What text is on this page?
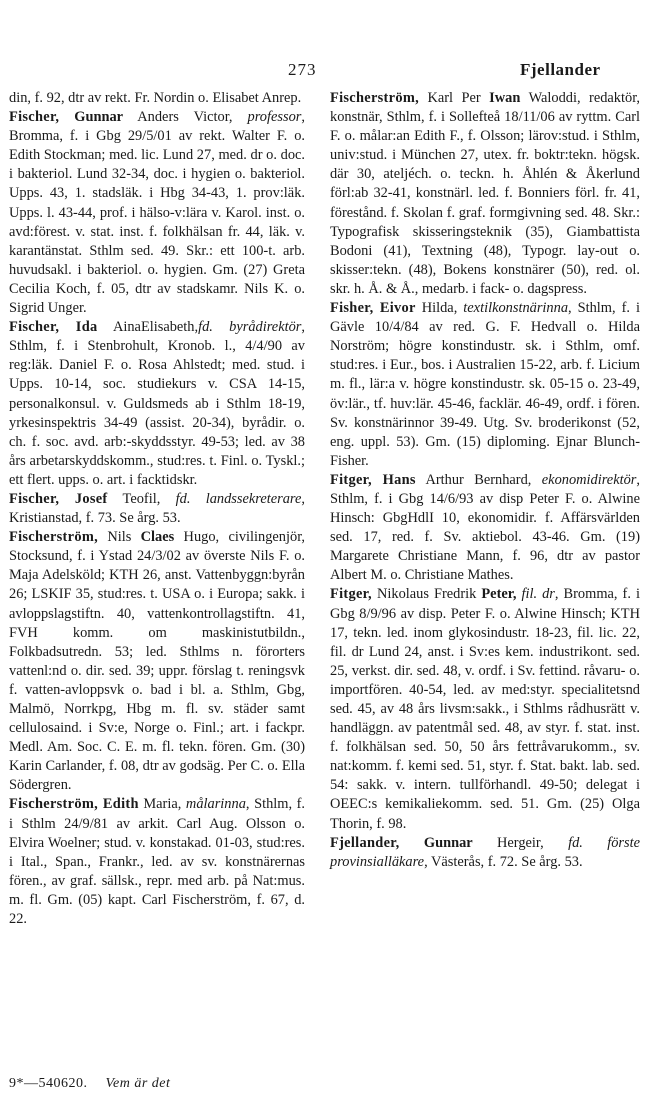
273	Fjellander

din, f. 92, dtr av rekt. Fr. Nordin o. Elisabet Anrep.

Fischer, Gunnar Anders Victor, professor, Bromma, f. i Gbg 29/5/01 av rekt. Walter F. o. Edith Stockman; med. lic. Lund 27, med. dr o. doc. i bakteriol. Lund 32-34, doc. i hygien o. bakteriol. Upps. 43, 1. stadsläk. i Hbg 34-43, 1. prov:läk. Upps. l. 43-44, prof. i hälso-v:lära v. Karol. inst. o. avd:förest. v. stat. inst. f. folkhälsan fr. 44, läk. v. karantänstat. Sthlm sed. 49. Skr.: ett 100-t. arb. huvudsakl. i bakteriol. o. hygien. Gm. (27) Greta Cecilia Koch, f. 05, dtr av stadskamr. Nils K. o. Sigrid Unger.

Fischer, Ida AinaElisabeth,fd. byrådirektör, Sthlm, f. i Stenbrohult, Kronob. l., 4/4/90 av reg:läk. Daniel F. o. Rosa Ahlstedt; med. stud. i Upps. 10-14, soc. studiekurs v. CSA 14-15, personalkonsul. v. Guldsmeds ab i Sthlm 18-19, yrkesinspektris 34-49 (assist. 20-34), byrådir. o. ch. f. soc. avd. arb:-skyddsstyr. 49-53; led. av 38 års arbetarskyddskomm., stud:res. t. Finl. o. Tyskl.; ett flert. upps. o. art. i facktidskr.

Fischer, Josef Teofil, fd. landssekreterare, Kristianstad, f. 73. Se årg. 53.

Fischerström, Nils Claes Hugo, civilingenjör, Stocksund, f. i Ystad 24/3/02 av överste Nils F. o. Maja Adelsköld; KTH 26, anst. Vattenbyggn:byrån 26; LSKIF 35, stud:res. t. USA o. i Europa; sakk. i avloppslagstiftn. 40, vattenkontrollagstiftn. 41, FVH komm. om maskinistutbildn., Folkbadsutredn. 53; led. Sthlms n. förorters vattenl:nd o. dir. sed. 39; uppr. förslag t. reningsvk f. vatten-avloppsvk o. bad i bl. a. Sthlm, Gbg, Malmö, Norrkpg, Hbg m. fl. sv. städer samt cellulosaind. i Sv:e, Norge o. Finl.; art. i fackpr. Medl. Am. Soc. C. E. m. fl. tekn. fören. Gm. (30) Karin Carlander, f. 08, dtr av godsäg. Per C. o. Ella Södergren.

Fischerström, Edith Maria, målarinna, Sthlm, f. i Sthlm 24/9/81 av arkit. Carl Aug. Olsson o. Elvira Woelner; stud. v. konstakad. 01-03, stud:res. i Ital., Span., Frankr., led. av sv. konstnärernas fören., av graf. sällsk., repr. med arb. på Nat:mus. m. fl. Gm. (05) kapt. Carl Fischerström, f. 67, d. 22.

Fischerström, Karl Per Iwan Waloddi, redaktör, konstnär, Sthlm, f. i Sollefteå 18/11/06 av ryttm. Carl F. o. målar:an Edith F., f. Olsson; lärov:stud. i Sthlm, univ:stud. i München 27, utex. fr. boktr:tekn. högsk. där 30, ateljéch. o. teckn. h. Åhlén & Åkerlund förl:ab 32-41, konstnärl. led. f. Bonniers förl. fr. 41, förestånd. f. Skolan f. graf. formgivning sed. 48. Skr.: Typografisk skisseringsteknik (35), Giambattista Bodoni (41), Textning (48), Typogr. lay-out o. skisser:tekn. (48), Bokens konstnärer (50), red. ol. skr. h. Å. & Å., medarb. i fack- o. dagspress.

Fisher, Eivor Hilda, textilkonstnärinna, Sthlm, f. i Gävle 10/4/84 av red. G. F. Hedvall o. Hilda Norström; högre konstindustr. sk. i Sthlm, omf. stud:res. i Eur., bos. i Australien 15-22, arb. f. Licium m. fl., lär:a v. högre konstindustr. sk. 05-15 o. 23-49, öv:lär., tf. huv:lär. 45-46, facklär. 46-49, ordf. i fören. Sv. konstnärinnor 39-49. Utg. Sv. broderikonst (52, eng. uppl. 53). Gm. (15) diploming. Ejnar Blunch-Fisher.

Fitger, Hans Arthur Bernhard, ekonomidirektör, Sthlm, f. i Gbg 14/6/93 av disp Peter F. o. Alwine Hinsch: GbgHdlI 10, ekonomidir. f. Affärsvärlden sed. 17, red. f. Sv. aktiebol. 43-46. Gm. (19) Margarete Christiane Mann, f. 96, dtr av pastor Albert M. o. Christiane Mathes.

Fitger, Nikolaus Fredrik Peter, fil. dr, Bromma, f. i Gbg 8/9/96 av disp. Peter F. o. Alwine Hinsch; KTH 17, tekn. led. inom glykosindustr. 18-23, fil. lic. 22, fil. dr Lund 24, anst. i Sv:es kem. industrikont. sed. 25, verkst. dir. sed. 48, v. ordf. i Sv. fettind. råvaru- o. importfören. 40-54, led. av med:styr. specialitetsnd sed. 45, av 48 års livsm:sakk., i Sthlms rådhusrätt v. handläggn. av patentmål sed. 48, av styr. f. stat. inst. f. folkhälsan sed. 50, 50 års fettråvarukomm., sv. nat:komm. f. kemi sed. 51, styr. f. Stat. bakt. lab. sed. 54: sakk. v. intern. tullförhandl. 49-50; delegat i OEEC:s kemikaliekomm. sed. 51. Gm. (25) Olga Thorin, f. 98.

Fjellander, Gunnar Hergeir, fd. förste provinsialläkare, Västerås, f. 72. Se årg. 53.

9*—540620. Vem är det
